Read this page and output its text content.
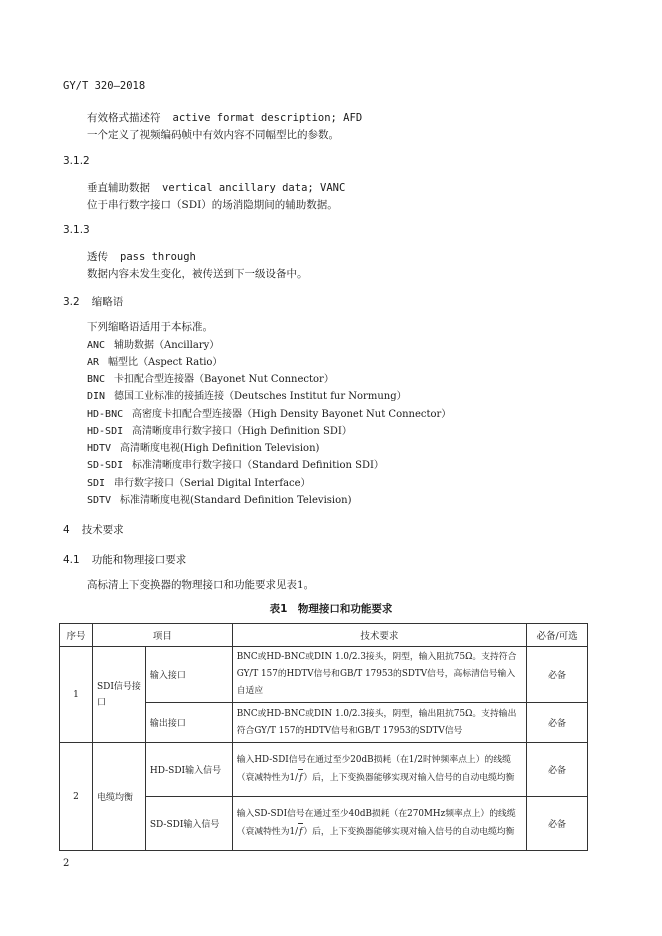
GY/T 320—2018
有效格式描述符 active format description; AFD
一个定义了视频编码帧中有效内容不同幅型比的参数。
3.1.2
垂直辅助数据 vertical ancillary data; VANC
位于串行数字接口（SDI）的场消隐期间的辅助数据。
3.1.3
透传 pass through
数据内容未发生变化，被传送到下一级设备中。
3.2 缩略语
下列缩略语适用于本标准。
ANC 辅助数据（Ancillary）
AR 幅型比（Aspect Ratio）
BNC 卡扣配合型连接器（Bayonet Nut Connector）
DIN 德国工业标准的接插连接（Deutsches Institut fur Normung）
HD-BNC 高密度卡扣配合型连接器（High Density Bayonet Nut Connector）
HD-SDI 高清晰度串行数字接口（High Definition SDI）
HDTV 高清晰度电视(High Definition Television)
SD-SDI 标准清晰度串行数字接口（Standard Definition SDI）
SDI 串行数字接口（Serial Digital Interface）
SDTV 标准清晰度电视(Standard Definition Television)
4 技术要求
4.1 功能和物理接口要求
高标清上下变换器的物理接口和功能要求见表1。
表1　物理接口和功能要求
序号	项目		技术要求	必备/可选
1	SDI信号接口	输入接口	BNC或HD-BNC或DIN 1.0/2.3接头，阴型，输入阻抗75Ω。支持符合GY/T 157的HDTV信号和GB/T 17953的SDTV信号，高标清信号输入自适应	必备
		输出接口	BNC或HD-BNC或DIN 1.0/2.3接头，阴型，输出阻抗75Ω。支持输出符合GY/T 157的HDTV信号和GB/T 17953的SDTV信号	必备
2	电缆均衡	HD-SDI输入信号	输入HD-SDI信号在通过至少20dB损耗（在1/2时钟频率点上）的线缆（衰减特性为1/f）后，上下变换器能够实现对输入信号的自动电缆均衡	必备
		SD-SDI输入信号	输入SD-SDI信号在通过至少40dB损耗（在270MHz频率点上）的线缆（衰减特性为1/f）后，上下变换器能够实现对输入信号的自动电缆均衡	必备
2
